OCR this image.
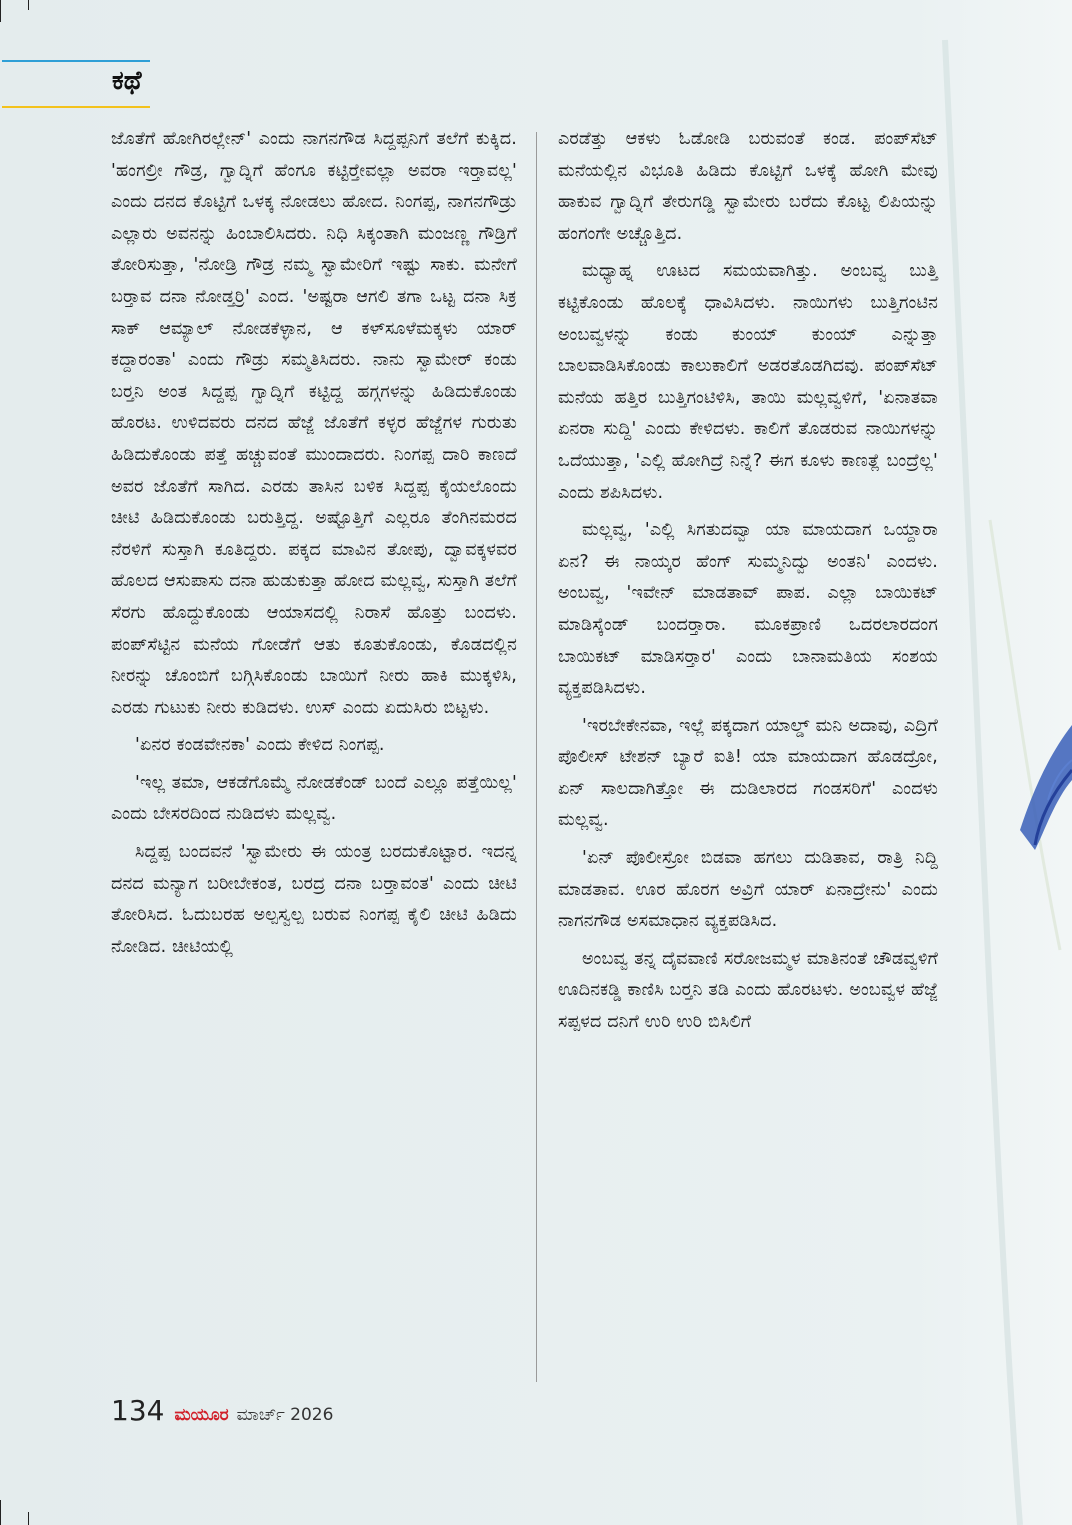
ಕಥೆ

ಜೊತೆಗೆ ಹೋಗಿರಲ್ಲೇನ್' ಎಂದು ನಾಗನಗೌಡ ಸಿದ್ದಪ್ಪನಿಗೆ ತಲೆಗೆ ಕುಕ್ಕಿದ. 'ಹಂಗಲ್ರೀ ಗೌಡ್ರ, ಗ್ವಾದ್ನಿಗೆ ಹೆಂಗೂ ಕಟ್ಟಿರ್‍ತೇವಲ್ಲಾ ಅವರಾ ಇರ್‍ತಾವಲ್ಲ' ಎಂದು ದನದ ಕೊಟ್ಟಿಗೆ ಒಳಕ್ಕ ನೋಡಲು ಹೋದ. ನಿಂಗಪ್ಪ, ನಾಗನಗೌಡ್ರು ಎಲ್ಲಾರು ಅವನನ್ನು ಹಿಂಬಾಲಿಸಿದರು. ನಿಧಿ ಸಿಕ್ಕಂತಾಗಿ ಮಂಜಣ್ಣ ಗೌಡ್ರಿಗೆ ತೋರಿಸುತ್ತಾ, 'ನೋಡ್ರಿ ಗೌಡ್ರ ನಮ್ಮ ಸ್ವಾಮೇರಿಗೆ ಇಷ್ಟು ಸಾಕು. ಮನೇಗೆ ಬರ್‍ತಾವ ದನಾ ನೋಡ್ತರ್‍ರಿ' ಎಂದ. 'ಅಷ್ಟರಾ ಆಗಲಿ ತಗಾ ಒಟ್ಟ ದನಾ ಸಿಕ್ರ ಸಾಕ್ ಆಮ್ಯಾಲ್ ನೋಡಕೆಳ್ಳಾನ, ಆ ಕಳ್‌ಸೂಳೆಮಕ್ಕಳು ಯಾರ್ ಕದ್ದಾರಂತಾ' ಎಂದು ಗೌಡ್ರು ಸಮ್ಮತಿಸಿದರು. ನಾನು ಸ್ವಾಮೇರ್ ಕಂಡು ಬರ್‍ತನಿ ಅಂತ ಸಿದ್ದಪ್ಪ ಗ್ವಾದ್ನಿಗೆ ಕಟ್ಟಿದ್ದ ಹಗ್ಗಗಳನ್ನು ಹಿಡಿದುಕೊಂಡು ಹೊರಟ. ಉಳಿದವರು ದನದ ಹೆಜ್ಜೆ ಜೊತೆಗೆ ಕಳ್ಳರ ಹೆಜ್ಜೆಗಳ ಗುರುತು ಹಿಡಿದುಕೊಂಡು ಪತ್ತೆ ಹಚ್ಚುವಂತೆ ಮುಂದಾದರು. ನಿಂಗಪ್ಪ ದಾರಿ ಕಾಣದೆ ಅವರ ಜೊತೆಗೆ ಸಾಗಿದ. ಎರಡು ತಾಸಿನ ಬಳಿಕ ಸಿದ್ದಪ್ಪ ಕೈಯಲೊಂದು ಚೀಟಿ ಹಿಡಿದುಕೊಂಡು ಬರುತ್ತಿದ್ದ. ಅಷ್ಟೊತ್ತಿಗೆ ಎಲ್ಲರೂ ತೆಂಗಿನಮರದ ನೆರಳಿಗೆ ಸುಸ್ತಾಗಿ ಕೂತಿದ್ದರು. ಪಕ್ಕದ ಮಾವಿನ ತೋಪು, ದ್ವಾವಕ್ಕಳವರ ಹೊಲದ ಆಸುಪಾಸು ದನಾ ಹುಡುಕುತ್ತಾ ಹೋದ ಮಲ್ಲವ್ವ, ಸುಸ್ತಾಗಿ ತಲೆಗೆ ಸೆರಗು ಹೊದ್ದುಕೊಂಡು ಆಯಾಸದಲ್ಲಿ ನಿರಾಸೆ ಹೊತ್ತು ಬಂದಳು. ಪಂಪ್‌ಸೆಟ್ಟಿನ ಮನೆಯ ಗೋಡೆಗೆ ಆತು ಕೂತುಕೊಂಡು, ಕೊಡದಲ್ಲಿನ ನೀರನ್ನು ಚೊಂಬಿಗೆ ಬಗ್ಗಿಸಿಕೊಂಡು ಬಾಯಿಗೆ ನೀರು ಹಾಕಿ ಮುಕ್ಕಳಿಸಿ, ಎರಡು ಗುಟುಕು ನೀರು ಕುಡಿದಳು. ಉಸ್ ಎಂದು ಏದುಸಿರು ಬಿಟ್ಟಳು.

'ಏನರ ಕಂಡವೇನಕಾ' ಎಂದು ಕೇಳಿದ ನಿಂಗಪ್ಪ.

'ಇಲ್ಲ ತಮಾ, ಆಕಡೆಗೊಮ್ಮೆ ನೋಡಕೆಂಡ್ ಬಂದೆ ಎಲ್ಲೂ ಪತ್ತೆಯಿಲ್ಲ' ಎಂದು ಬೇಸರದಿಂದ ನುಡಿದಳು ಮಲ್ಲವ್ವ.

ಸಿದ್ದಪ್ಪ ಬಂದವನೆ 'ಸ್ವಾಮೇರು ಈ ಯಂತ್ರ ಬರದುಕೊಟ್ಟಾರ. ಇದನ್ನ ದನದ ಮನ್ಯಾಗ ಬರೀಬೇಕಂತ, ಬರದ್ರ ದನಾ ಬರ್‍ತಾವಂತ' ಎಂದು ಚೀಟಿ ತೋರಿಸಿದ. ಓದುಬರಹ ಅಲ್ಪಸ್ವಲ್ಪ ಬರುವ ನಿಂಗಪ್ಪ ಕೈಲಿ ಚೀಟಿ ಹಿಡಿದು ನೋಡಿದ. ಚೀಟಿಯಲ್ಲಿ

ಎರಡೆತ್ತು ಆಕಳು ಓಡೋಡಿ ಬರುವಂತೆ ಕಂಡ. ಪಂಪ್‌ಸೆಟ್ ಮನೆಯಲ್ಲಿನ ವಿಭೂತಿ ಹಿಡಿದು ಕೊಟ್ಟಿಗೆ ಒಳಕ್ಕೆ ಹೋಗಿ ಮೇವು ಹಾಕುವ ಗ್ವಾದ್ನಿಗೆ ತೇರುಗಡ್ಡಿ ಸ್ವಾಮೇರು ಬರೆದು ಕೊಟ್ಟ ಲಿಪಿಯನ್ನು ಹಂಗಂಗೇ ಅಚ್ಚೊತ್ತಿದ.

ಮಧ್ಯಾಹ್ನ ಊಟದ ಸಮಯವಾಗಿತ್ತು. ಅಂಬವ್ವ ಬುತ್ತಿ ಕಟ್ಟಿಕೊಂಡು ಹೊಲಕ್ಕೆ ಧಾವಿಸಿದಳು. ನಾಯಿಗಳು ಬುತ್ತಿಗಂಟಿನ ಅಂಬವ್ವಳನ್ನು ಕಂಡು ಕುಂಯ್ ಕುಂಯ್ ಎನ್ನುತ್ತಾ ಬಾಲವಾಡಿಸಿಕೊಂಡು ಕಾಲುಕಾಲಿಗೆ ಅಡರತೊಡಗಿದವು. ಪಂಪ್‌ಸೆಟ್ ಮನೆಯ ಹತ್ತಿರ ಬುತ್ತಿಗಂಟಿಳಿಸಿ, ತಾಯಿ ಮಲ್ಲವ್ವಳಿಗೆ, 'ಏನಾತವಾ ಏನರಾ ಸುದ್ದಿ' ಎಂದು ಕೇಳಿದಳು. ಕಾಲಿಗೆ ತೊಡರುವ ನಾಯಿಗಳನ್ನು ಒದೆಯುತ್ತಾ, 'ಎಲ್ಲಿ ಹೋಗಿದ್ರೆ ನಿನ್ನೆ? ಈಗ ಕೂಳು ಕಾಣತ್ಲೆ ಬಂದ್ರೆಲ್ಲ' ಎಂದು ಶಪಿಸಿದಳು.

ಮಲ್ಲವ್ವ, 'ಎಲ್ಲಿ ಸಿಗತುದವ್ವಾ ಯಾ ಮಾಯದಾಗ ಒಯ್ದಾರಾ ಏನ? ಈ ನಾಯ್ಕರ ಹೆಂಗ್ ಸುಮ್ಮನಿದ್ವು ಅಂತನಿ' ಎಂದಳು. ಅಂಬವ್ವ, 'ಇವೇನ್ ಮಾಡತಾವ್ ಪಾಪ. ಎಲ್ಲಾ ಬಾಯಿಕಟ್ ಮಾಡಿಸ್ಕೆಂಡ್ ಬಂದರ್‍ತಾರಾ. ಮೂಕಪ್ರಾಣಿ ಒದರಲಾರದಂಗ ಬಾಯಿಕಟ್ ಮಾಡಿಸರ್‍ತಾರ' ಎಂದು ಬಾನಾಮತಿಯ ಸಂಶಯ ವ್ಯಕ್ತಪಡಿಸಿದಳು.

'ಇರಬೇಕೇನವಾ, ಇಲ್ಲೆ ಪಕ್ಕದಾಗ ಯಾಲ್ಡ್ ಮನಿ ಅದಾವು, ಎದ್ರಿಗೆ ಪೊಲೀಸ್ ಟೇಶನ್ ಬ್ಯಾರೆ ಐತಿ! ಯಾ ಮಾಯದಾಗ ಹೊಡದ್ರೋ, ಏನ್ ಸಾಲದಾಗಿತ್ತೋ ಈ ದುಡಿಲಾರದ ಗಂಡಸರಿಗೆ' ಎಂದಳು ಮಲ್ಲವ್ವ.

'ಏನ್ ಪೊಲೀಸ್ರೋ ಬಿಡವಾ ಹಗಲು ದುಡಿತಾವ, ರಾತ್ರಿ ನಿದ್ದಿ ಮಾಡತಾವ. ಊರ ಹೊರಗ ಅವ್ರಿಗೆ ಯಾರ್ ಏನಾದ್ರೇನು' ಎಂದು ನಾಗನಗೌಡ ಅಸಮಾಧಾನ ವ್ಯಕ್ತಪಡಿಸಿದ.

ಅಂಬವ್ವ ತನ್ನ ದೈವವಾಣಿ ಸರೋಜಮ್ಮಳ ಮಾತಿನಂತೆ ಚೌಡವ್ವಳಿಗೆ ಊದಿನಕಡ್ಡಿ ಕಾಣಿಸಿ ಬರ್‍ತನಿ ತಡಿ ಎಂದು ಹೊರಟಳು. ಅಂಬವ್ವಳ ಹೆಜ್ಜೆ ಸಪ್ಪಳದ ದನಿಗೆ ಉರಿ ಉರಿ ಬಿಸಿಲಿಗೆ

134 ಮಯೂರ ಮಾರ್ಚ್ 2026
